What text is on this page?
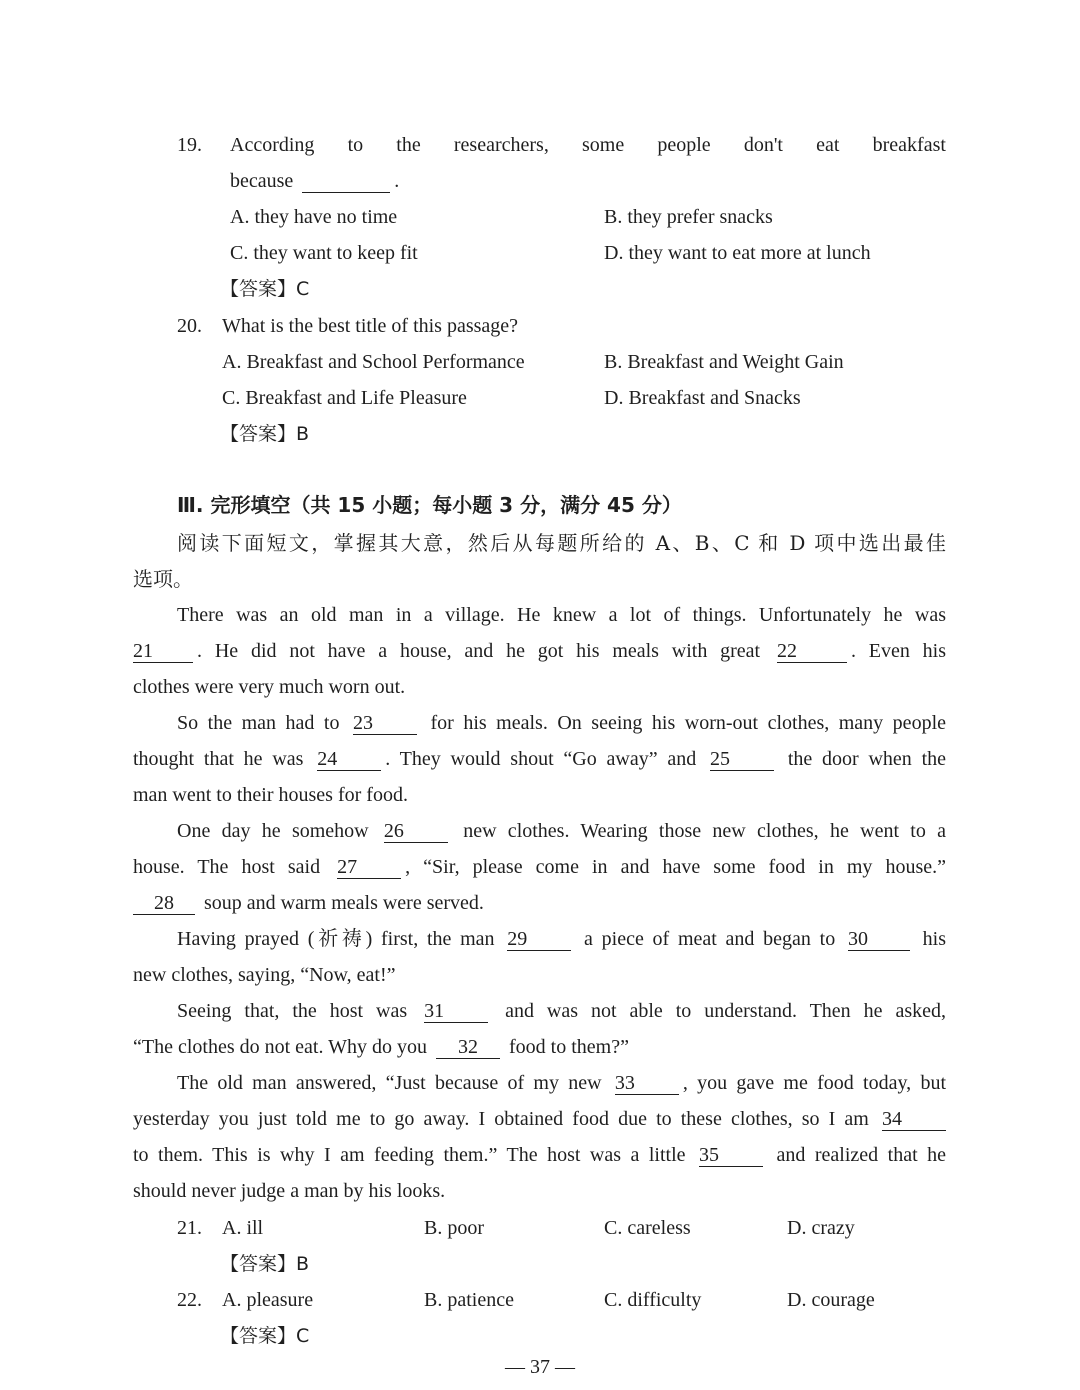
19. According to the researchers, some people don't eat breakfast
because	.
A. they have no time	B. they prefer snacks
C. they want to keep fit	D. they want to eat more at lunch
【答案】C
20. What is the best title of this passage?
A. Breakfast and School Performance	B. Breakfast and Weight Gain
C. Breakfast and Life Pleasure	D. Breakfast and Snacks
【答案】B
Ⅲ. 完形填空（共 15 小题；每小题 3 分，满分 45 分）
阅读下面短文，掌握其大意，然后从每题所给的 A、B、C 和 D 项中选出最佳
选项。
There was an old man in a village. He knew a lot of things. Unfortunately he was
21 . He did not have a house, and he got his meals with great 22	. Even his
clothes were very much worn out.
So the man had to 23	for his meals. On seeing his worn-out clothes, many people
thought that he was 24 . They would shout “Go away” and 25	the door when the
man went to their houses for food.
One day he somehow 26	new clothes. Wearing those new clothes, he went to a
house. The host said 27 , “Sir, please come in and have some food in my house.”
28 soup and warm meals were served.
Having prayed (祈祷) first, the man 29	a piece of meat and began to 30	his
new clothes, saying, “Now, eat!”
Seeing that, the host was 31	and was not able to understand. Then he asked,
“The clothes do not eat. Why do you 32 food to them?”
The old man answered, “Just because of my new 33 , you gave me food today, but
yesterday you just told me to go away. I obtained food due to these clothes, so I am 34
to them. This is why I am feeding them.” The host was a little 35	and realized that he
should never judge a man by his looks.
21. A. ill	B. poor	C. careless	D. crazy
【答案】B
22. A. pleasure	B. patience	C. difficulty	D. courage
【答案】C
— 37 —
